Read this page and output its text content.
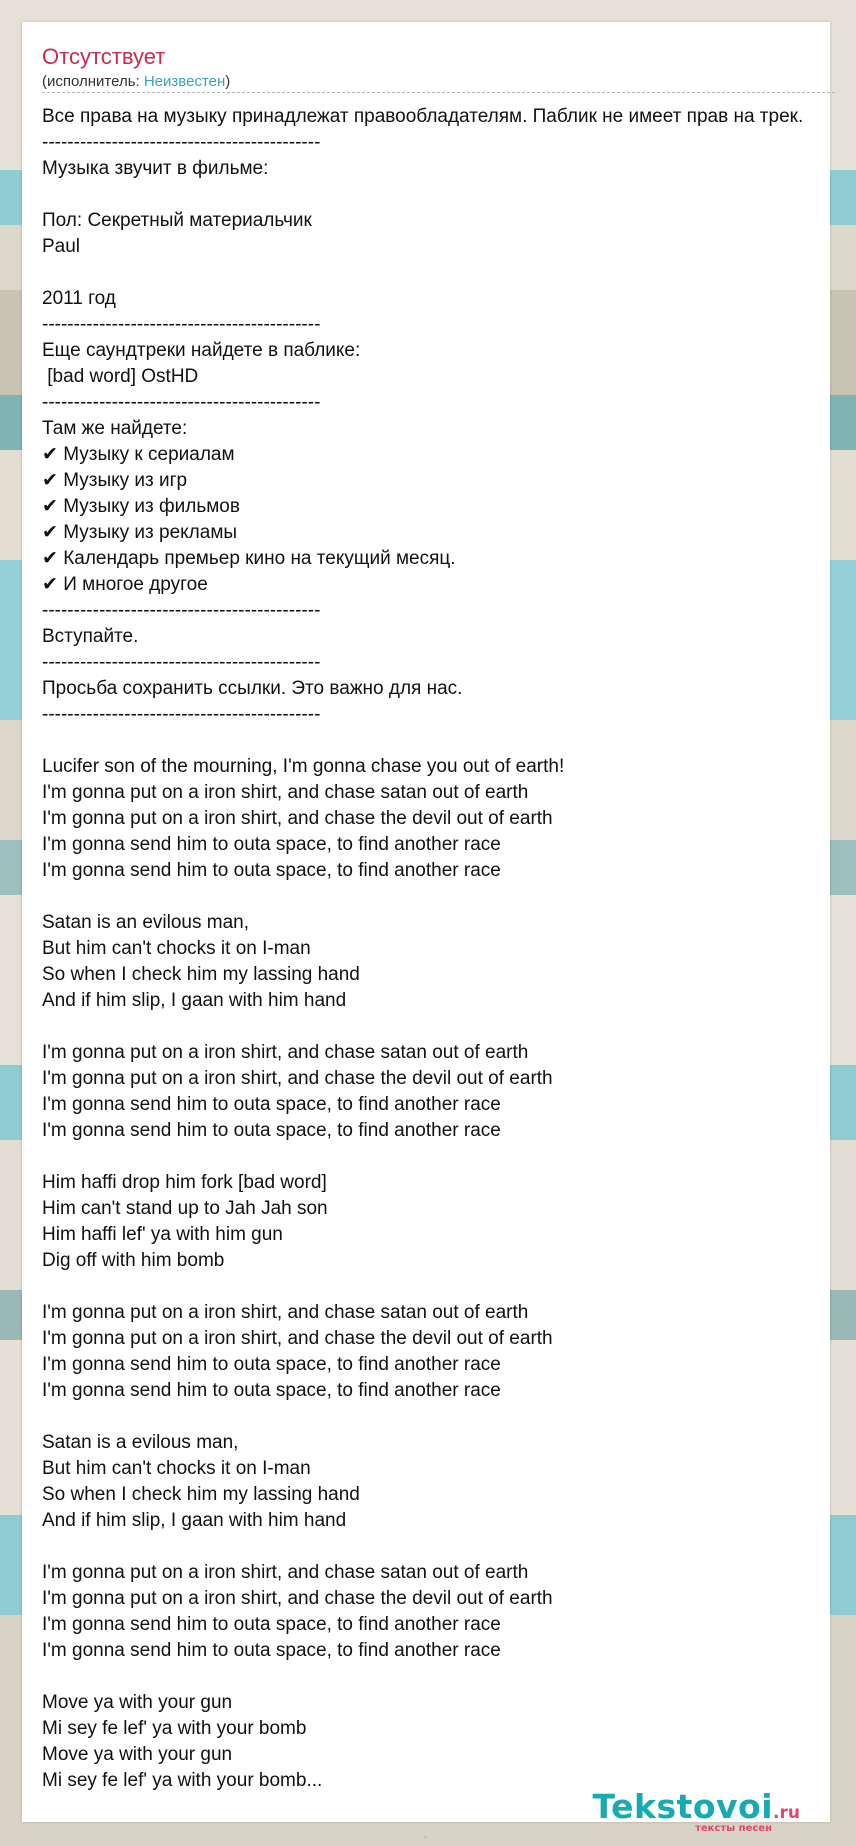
Отсутствует
(исполнитель: Неизвестен)
Все права на музыку принадлежат правообладателям. Паблик не имеет прав на трек.
--------------------------------------------
Музыка звучит в фильме:

Пол: Секретный материальчик
Paul

2011 год
--------------------------------------------
Еще саундтреки найдете в паблике:
[bad word] OstHD
--------------------------------------------
Там же найдете:
✔ Музыку к сериалам
✔ Музыку из игр
✔ Музыку из фильмов
✔ Музыку из рекламы
✔ Календарь премьер кино на текущий месяц.
✔ И многое другое
--------------------------------------------
Вступайте.
--------------------------------------------
Просьба сохранить ссылки. Это важно для нас.
--------------------------------------------

Lucifer son of the mourning, I'm gonna chase you out of earth!
I'm gonna put on a iron shirt, and chase satan out of earth
I'm gonna put on a iron shirt, and chase the devil out of earth
I'm gonna send him to outa space, to find another race
I'm gonna send him to outa space, to find another race

Satan is an evilous man,
But him can't chocks it on I-man
So when I check him my lassing hand
And if him slip, I gaan with him hand

I'm gonna put on a iron shirt, and chase satan out of earth
I'm gonna put on a iron shirt, and chase the devil out of earth
I'm gonna send him to outa space, to find another race
I'm gonna send him to outa space, to find another race

Him haffi drop him fork [bad word]
Him can't stand up to Jah Jah son
Him haffi lef' ya with him gun
Dig off with him bomb

I'm gonna put on a iron shirt, and chase satan out of earth
I'm gonna put on a iron shirt, and chase the devil out of earth
I'm gonna send him to outa space, to find another race
I'm gonna send him to outa space, to find another race

Satan is a evilous man,
But him can't chocks it on I-man
So when I check him my lassing hand
And if him slip, I gaan with him hand

I'm gonna put on a iron shirt, and chase satan out of earth
I'm gonna put on a iron shirt, and chase the devil out of earth
I'm gonna send him to outa space, to find another race
I'm gonna send him to outa space, to find another race

Move ya with your gun
Mi sey fe lef' ya with your bomb
Move ya with your gun
Mi sey fe lef' ya with your bomb...
Tekstovoi.ru
тексты песен
-
